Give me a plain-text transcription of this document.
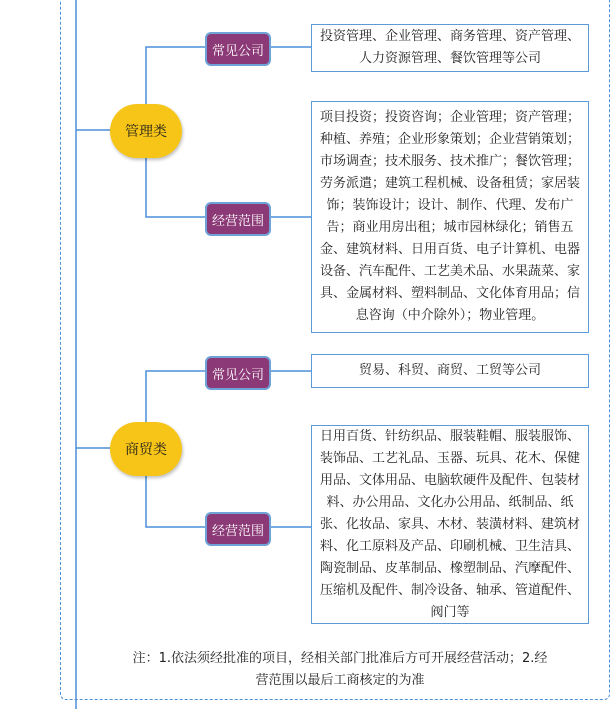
管理类
常见公司
投资管理、企业管理、商务管理、资产管理、人力资源管理、餐饮管理等公司
经营范围
项目投资；投资咨询；企业管理；资产管理；种植、养殖；企业形象策划；企业营销策划；市场调查；技术服务、技术推广；餐饮管理；劳务派遣；建筑工程机械、设备租赁；家居装饰；装饰设计；设计、制作、代理、发布广告；商业用房出租；城市园林绿化；销售五金、建筑材料、日用百货、电子计算机、电器设备、汽车配件、工艺美术品、水果蔬菜、家具、金属材料、塑料制品、文化体育用品；信息咨询（中介除外）；物业管理。
商贸类
常见公司	贸易、科贸、商贸、工贸等公司
经营范围
日用百货、针纺织品、服装鞋帽、服装服饰、装饰品、工艺礼品、玉器、玩具、花木、保健用品、文体用品、电脑软硬件及配件、包装材料、办公用品、文化办公用品、纸制品、纸张、化妆品、家具、木材、装潢材料、建筑材料、化工原料及产品、印刷机械、卫生洁具、陶瓷制品、皮革制品、橡塑制品、汽摩配件、压缩机及配件、制冷设备、轴承、管道配件、阀门等
注：1.依法须经批准的项目，经相关部门批准后方可开展经营活动；2.经营范围以最后工商核定的为准
